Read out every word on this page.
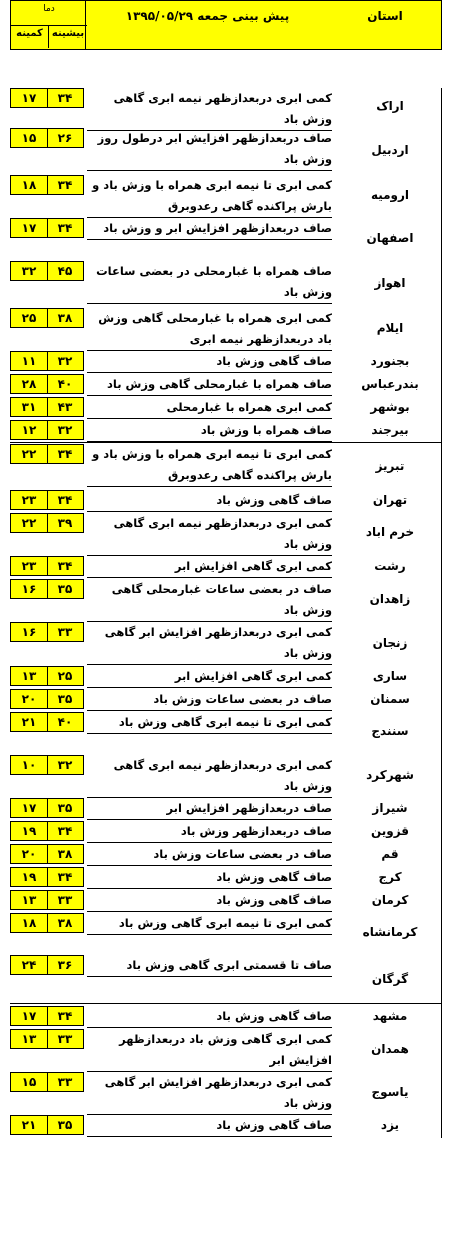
استان
پیش بینی جمعه ۱۳۹۵/۰۵/۲۹
دما
بیشینه
کمینه
اراک
کمی ابری دربعدازظهر نیمه ابری گاهی وزش باد
۳۴
۱۷
اردبیل
صاف دربعدازظهر افزایش ابر درطول روز وزش باد
۲۶
۱۵
ارومیه
کمی ابری تا نیمه ابری همراه با وزش باد و بارش پراکنده گاهی رعدوبرق
۳۴
۱۸
اصفهان
صاف دربعدازظهر افزایش ابر و وزش باد
۳۴
۱۷
اهواز
صاف همراه با غبارمحلی در بعضی ساعات وزش باد
۴۵
۳۲
ایلام
کمی ابری همراه با غبارمحلی گاهی وزش باد دربعدازظهر نیمه ابری
۳۸
۲۵
بجنورد
صاف گاهی وزش باد
۳۲
۱۱
بندرعباس
صاف همراه با غبارمحلی گاهی وزش باد
۴۰
۲۸
بوشهر
کمی ابری همراه با غبارمحلی
۴۳
۳۱
بیرجند
صاف همراه با وزش باد
۳۲
۱۲
تبریز
کمی ابری تا نیمه ابری همراه با وزش باد و بارش پراکنده گاهی رعدوبرق
۳۴
۲۲
تهران
صاف گاهی وزش باد
۳۴
۲۳
خرم اباد
کمی ابری دربعدازظهر نیمه ابری گاهی وزش باد
۳۹
۲۲
رشت
کمی ابری گاهی افزایش ابر
۳۴
۲۳
زاهدان
صاف در بعضی ساعات غبارمحلی گاهی وزش باد
۳۵
۱۶
زنجان
کمی ابری دربعدازظهر افزایش ابر گاهی وزش باد
۳۳
۱۶
ساری
کمی ابری گاهی افزایش ابر
۲۵
۱۳
سمنان
صاف در بعضی ساعات وزش باد
۳۵
۲۰
سنندج
کمی ابری تا نیمه ابری گاهی وزش باد
۴۰
۲۱
شهرکرد
کمی ابری دربعدازظهر نیمه ابری گاهی وزش باد
۳۲
۱۰
شیراز
صاف دربعدازظهر افزایش ابر
۳۵
۱۷
قزوین
صاف دربعدازظهر وزش باد
۳۴
۱۹
قم
صاف در بعضی ساعات وزش باد
۳۸
۲۰
کرج
صاف گاهی وزش باد
۳۴
۱۹
کرمان
صاف گاهی وزش باد
۳۳
۱۳
کرمانشاه
کمی ابری تا نیمه ابری گاهی وزش باد
۳۸
۱۸
گرگان
صاف تا قسمتی ابری گاهی وزش باد
۳۶
۲۴
مشهد
صاف گاهی وزش باد
۳۴
۱۷
همدان
کمی ابری گاهی وزش باد دربعدازظهر افزایش ابر
۳۳
۱۳
یاسوج
کمی ابری دربعدازظهر افزایش ابر گاهی وزش باد
۳۳
۱۵
یزد
صاف گاهی وزش باد
۳۵
۲۱
